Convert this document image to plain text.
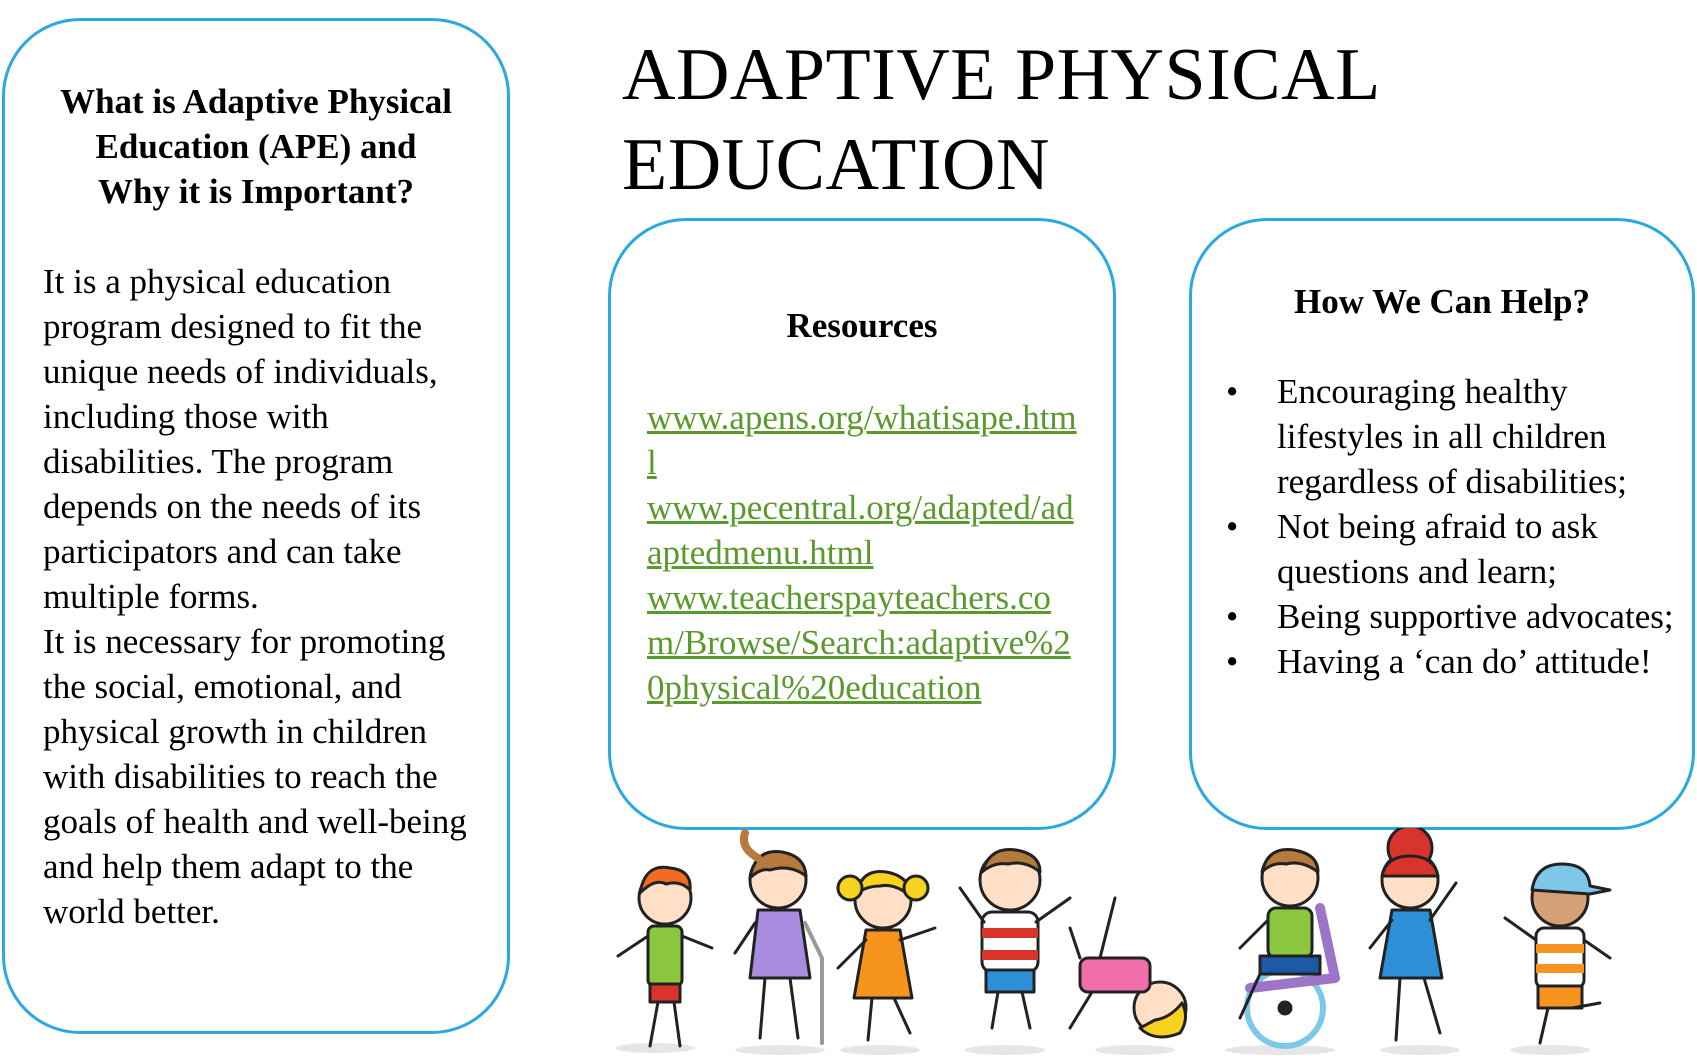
ADAPTIVE PHYSICAL
EDUCATION
What is Adaptive Physical
Education (APE) and
Why it is Important?

It is a physical education program designed to fit the unique needs of individuals, including those with disabilities. The program depends on the needs of its participators and can take multiple forms.

It is necessary for promoting the social, emotional, and physical growth in children with disabilities to reach the goals of health and well-being and help them adapt to the world better.

Resources
www.apens.org/whatisape.html
www.pecentral.org/adapted/adaptedmenu.html
www.teacherspayteachers.com/Browse/Search:adaptive%20physical%20education
How We Can Help?
• Encouraging healthy lifestyles in all children regardless of disabilities;
• Not being afraid to ask questions and learn;
• Being supportive advocates;
• Having a ‘can do’ attitude!
